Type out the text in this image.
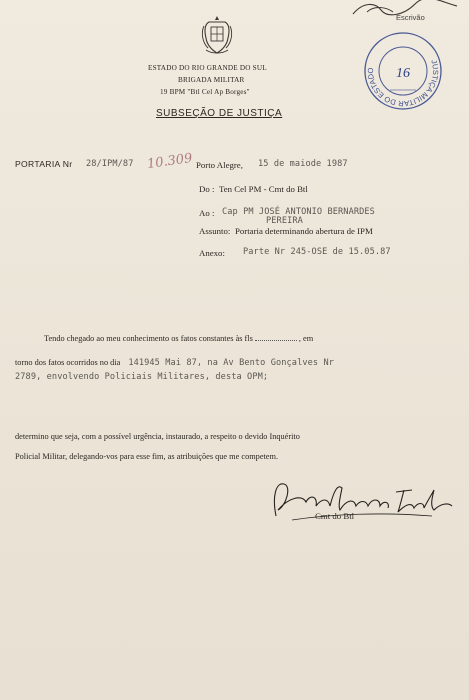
Escrivão
ESTADO DO RIO GRANDE DO SUL
BRIGADA MILITAR
19 BPM "Btl Cel Ap Borges"
SUBSEÇÃO DE JUSTIÇA
JUSTIÇA MILITAR DO ESTADO	16
PORTARIA Nr 28/IPM/87 10.309 Porto Alegre, 15 de maiode 1987
Do : Ten Cel PM - Cmt do Btl
Ao : Cap PM JOSÉ ANTONIO BERNARDES
PEREIRA
Assunto: Portaria determinando abertura de IPM
Anexo: Parte Nr 245-OSE de 15.05.87
Tendo chegado ao meu conhecimento os fatos constantes às fls	, em
torno dos fatos ocorridos no dia 141945 Mai 87, na Av Bento Gonçalves Nr
2789, envolvendo Policiais Militares, desta OPM;
determino que seja, com a possível urgência, instaurado, a respeito o devido Inquérito
Policial Militar, delegando-vos para esse fim, as atribuições que me competem.
Cmt do Btl
